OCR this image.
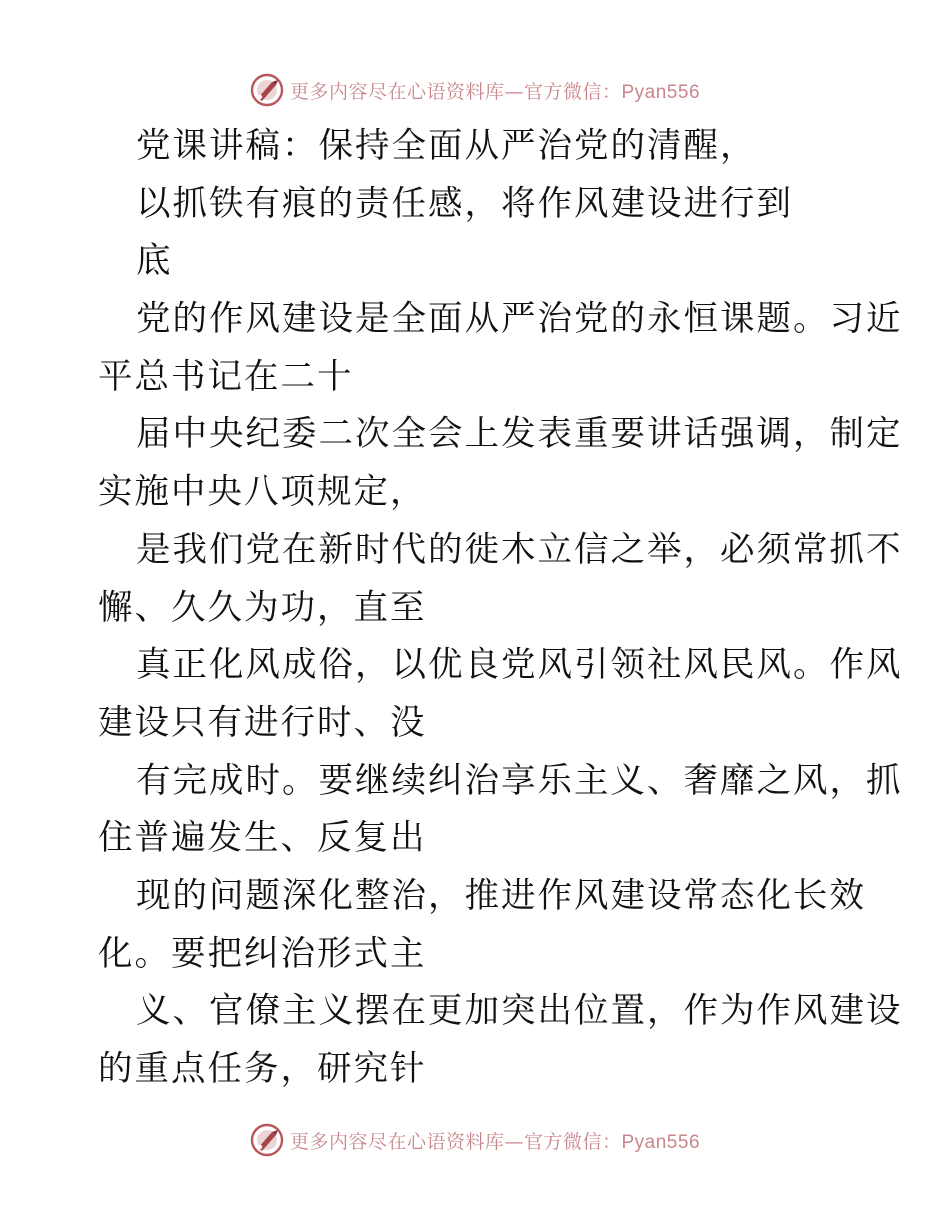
更多内容尽在心语资料库—官方微信：Pyan556
党课讲稿：保持全面从严治党的清醒，
以抓铁有痕的责任感，将作风建设进行到
底
党的作风建设是全面从严治党的永恒课题。习近
平总书记在二十
届中央纪委二次全会上发表重要讲话强调，制定
实施中央八项规定，
是我们党在新时代的徙木立信之举，必须常抓不
懈、久久为功，直至
真正化风成俗，以优良党风引领社风民风。作风
建设只有进行时、没
有完成时。要继续纠治享乐主义、奢靡之风，抓
住普遍发生、反复出
现的问题深化整治，推进作风建设常态化长效
化。要把纠治形式主
义、官僚主义摆在更加突出位置，作为作风建设
的重点任务，研究针
更多内容尽在心语资料库—官方微信：Pyan556
